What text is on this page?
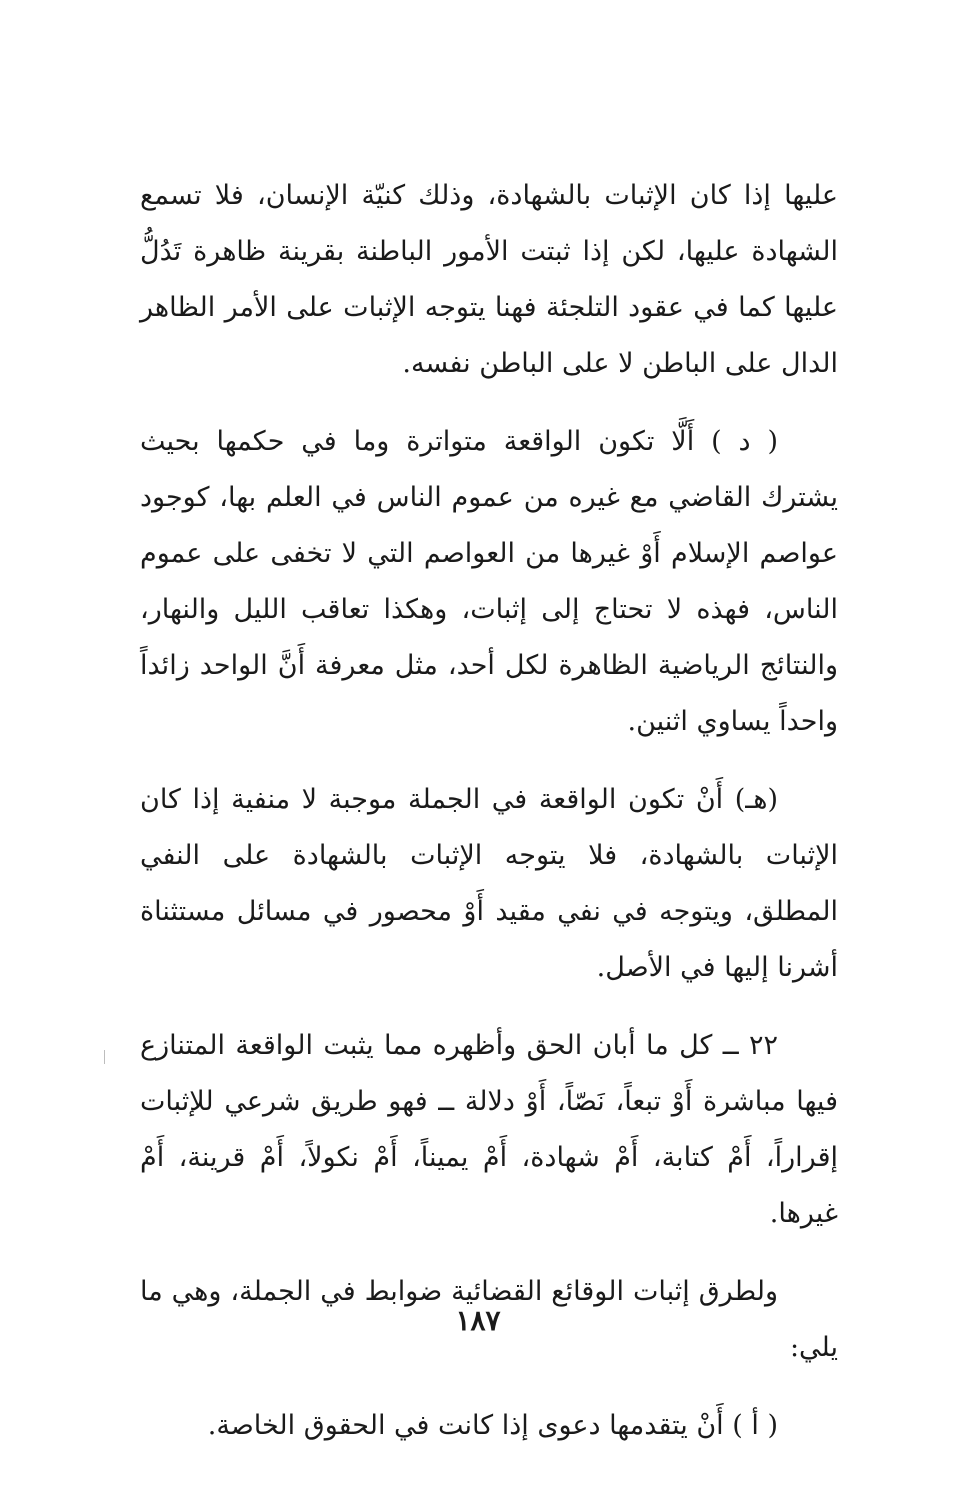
عليها إذا كان الإثبات بالشهادة، وذلك كنيّة الإنسان، فلا تسمع الشهادة عليها، لكن إذا ثبتت الأمور الباطنة بقرينة ظاهرة تَدُلُّ عليها كما في عقود التلجئة فهنا يتوجه الإثبات على الأمر الظاهر الدال على الباطن لا على الباطن نفسه.

( د ) أَلَّا تكون الواقعة متواترة وما في حكمها بحيث يشترك القاضي مع غيره من عموم الناس في العلم بها، كوجود عواصم الإسلام أَوْ غيرها من العواصم التي لا تخفى على عموم الناس، فهذه لا تحتاج إلى إثبات، وهكذا تعاقب الليل والنهار، والنتائج الرياضية الظاهرة لكل أحد، مثل معرفة أَنَّ الواحد زائداً واحداً يساوي اثنين.

(هـ) أَنْ تكون الواقعة في الجملة موجبة لا منفية إذا كان الإثبات بالشهادة، فلا يتوجه الإثبات بالشهادة على النفي المطلق، ويتوجه في نفي مقيد أَوْ محصور في مسائل مستثناة أشرنا إليها في الأصل.

٢٢ ــ كل ما أبان الحق وأظهره مما يثبت الواقعة المتنازع فيها مباشرة أَوْ تبعاً، نَصّاً، أَوْ دلالة ــ فهو طريق شرعي للإثبات إقراراً، أَمْ كتابة، أَمْ شهادة، أَمْ يميناً، أَمْ نكولاً، أَمْ قرينة، أَمْ غيرها.

ولطرق إثبات الوقائع القضائية ضوابط في الجملة، وهي ما يلي:

( أ ) أَنْ يتقدمها دعوى إذا كانت في الحقوق الخاصة.

١٨٧
